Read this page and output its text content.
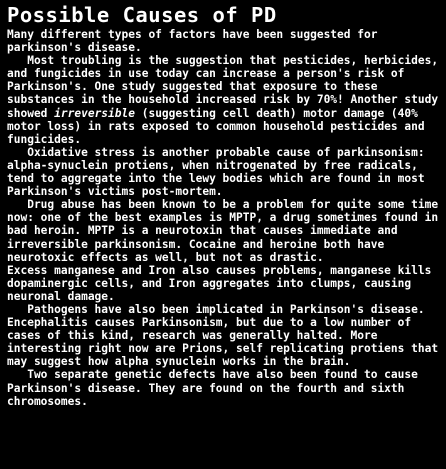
Possible Causes of PD

Many different types of factors have been suggested for parkinson's disease.

Most troubling is the suggestion that pesticides, herbicides, and fungicides in use today can increase a person's risk of Parkinson's. One study suggested that exposure to these substances in the household increased risk by 70%! Another study showed irreversible (suggesting cell death) motor damage (40% motor loss) in rats exposed to common household pesticides and fungicides.

Oxidative stress is another probable cause of parkinsonism: alpha-synuclein protiens, when nitrogenated by free radicals, tend to aggregate into the lewy bodies which are found in most Parkinson's victims post-mortem.

Drug abuse has been known to be a problem for quite some time now: one of the best examples is MPTP, a drug sometimes found in bad heroin. MPTP is a neurotoxin that causes immediate and irreversible parkinsonism. Cocaine and heroine both have neurotoxic effects as well, but not as drastic.

Excess manganese and Iron also causes problems, manganese kills dopaminergic cells, and Iron aggregates into clumps, causing neuronal damage.

Pathogens have also been implicated in Parkinson's disease. Encephalitis causes Parkinsonism, but due to a low number of cases of this kind, research was generally halted. More interesting right now are Prions, self replicating protiens that may suggest how alpha synuclein works in the brain.

Two separate genetic defects have also been found to cause Parkinson's disease. They are found on the fourth and sixth chromosomes.
